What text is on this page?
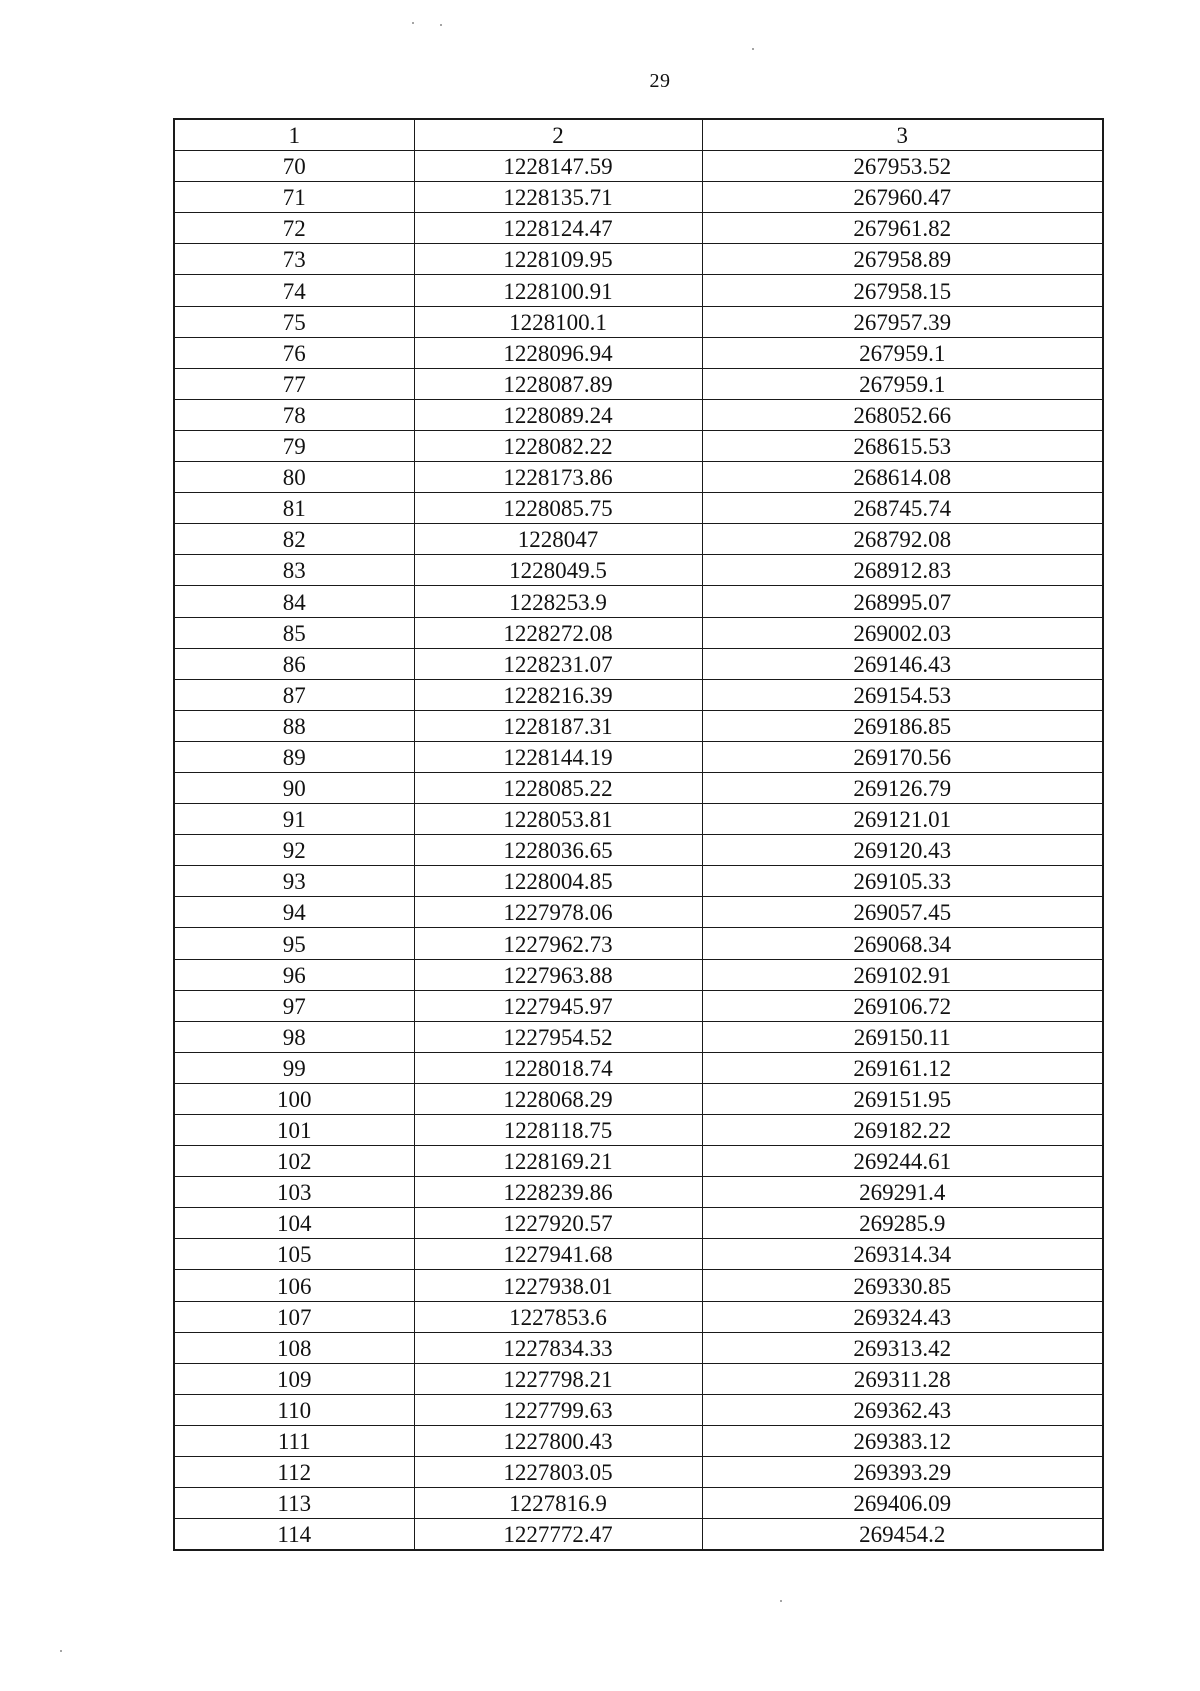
29
1	2	3
70	1228147.59	267953.52
71	1228135.71	267960.47
72	1228124.47	267961.82
73	1228109.95	267958.89
74	1228100.91	267958.15
75	1228100.1	267957.39
76	1228096.94	267959.1
77	1228087.89	267959.1
78	1228089.24	268052.66
79	1228082.22	268615.53
80	1228173.86	268614.08
81	1228085.75	268745.74
82	1228047	268792.08
83	1228049.5	268912.83
84	1228253.9	268995.07
85	1228272.08	269002.03
86	1228231.07	269146.43
87	1228216.39	269154.53
88	1228187.31	269186.85
89	1228144.19	269170.56
90	1228085.22	269126.79
91	1228053.81	269121.01
92	1228036.65	269120.43
93	1228004.85	269105.33
94	1227978.06	269057.45
95	1227962.73	269068.34
96	1227963.88	269102.91
97	1227945.97	269106.72
98	1227954.52	269150.11
99	1228018.74	269161.12
100	1228068.29	269151.95
101	1228118.75	269182.22
102	1228169.21	269244.61
103	1228239.86	269291.4
104	1227920.57	269285.9
105	1227941.68	269314.34
106	1227938.01	269330.85
107	1227853.6	269324.43
108	1227834.33	269313.42
109	1227798.21	269311.28
110	1227799.63	269362.43
111	1227800.43	269383.12
112	1227803.05	269393.29
113	1227816.9	269406.09
114	1227772.47	269454.2
